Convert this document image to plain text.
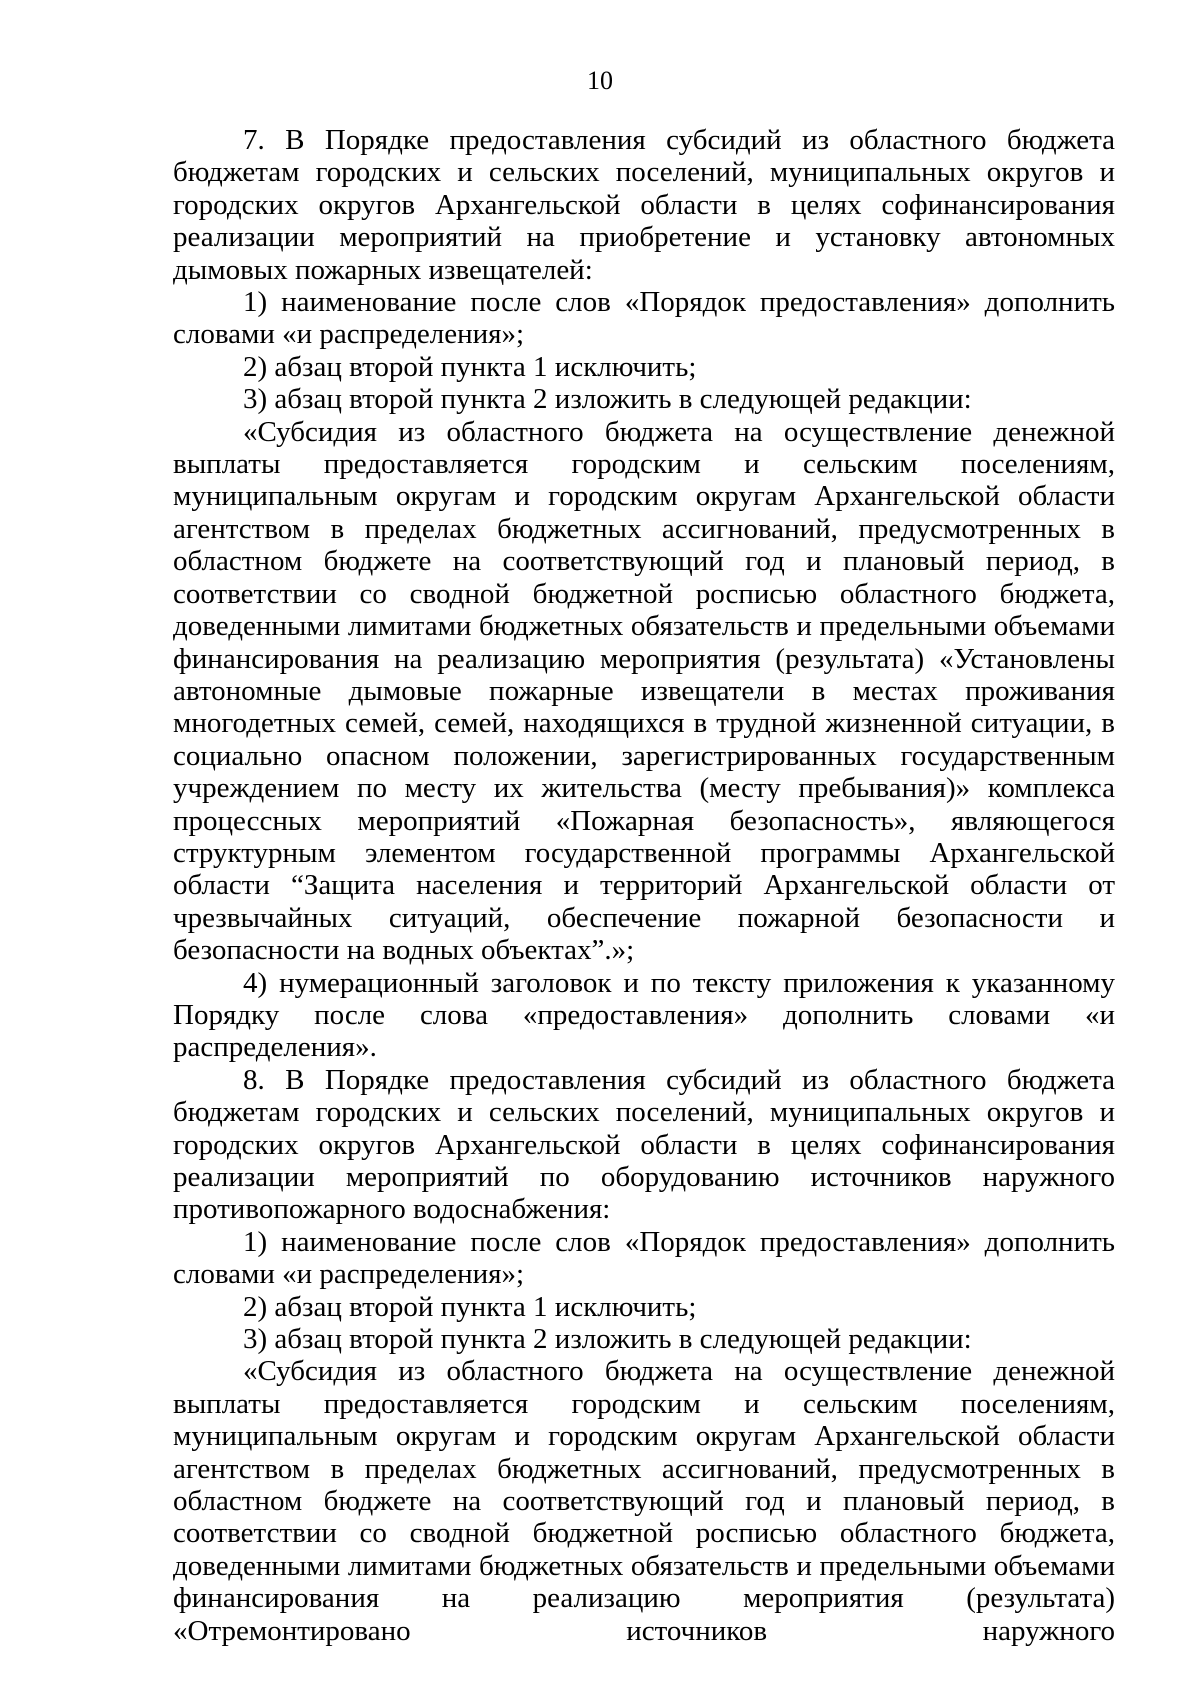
10

7. В Порядке предоставления субсидий из областного бюджета бюджетам городских и сельских поселений, муниципальных округов и городских округов Архангельской области в целях софинансирования реализации мероприятий на приобретение и установку автономных дымовых пожарных извещателей:

1) наименование после слов «Порядок предоставления» дополнить словами «и распределения»;

2) абзац второй пункта 1 исключить;

3) абзац второй пункта 2 изложить в следующей редакции:

«Субсидия из областного бюджета на осуществление денежной выплаты предоставляется городским и сельским поселениям, муниципальным округам и городским округам Архангельской области агентством в пределах бюджетных ассигнований, предусмотренных в областном бюджете на соответствующий год и плановый период, в соответствии со сводной бюджетной росписью областного бюджета, доведенными лимитами бюджетных обязательств и предельными объемами финансирования на реализацию мероприятия (результата) «Установлены автономные дымовые пожарные извещатели в местах проживания многодетных семей, семей, находящихся в трудной жизненной ситуации, в социально опасном положении, зарегистрированных государственным учреждением по месту их жительства (месту пребывания)» комплекса процессных мероприятий «Пожарная безопасность», являющегося структурным элементом государственной программы Архангельской области “Защита населения и территорий Архангельской области от чрезвычайных ситуаций, обеспечение пожарной безопасности и безопасности на водных объектах”.»;

4) нумерационный заголовок и по тексту приложения к указанному Порядку после слова «предоставления» дополнить словами «и распределения».

8. В Порядке предоставления субсидий из областного бюджета бюджетам городских и сельских поселений, муниципальных округов и городских округов Архангельской области в целях софинансирования реализации мероприятий по оборудованию источников наружного противопожарного водоснабжения:

1) наименование после слов «Порядок предоставления» дополнить словами «и распределения»;

2) абзац второй пункта 1 исключить;

3) абзац второй пункта 2 изложить в следующей редакции:

«Субсидия из областного бюджета на осуществление денежной выплаты предоставляется городским и сельским поселениям, муниципальным округам и городским округам Архангельской области агентством в пределах бюджетных ассигнований, предусмотренных в областном бюджете на соответствующий год и плановый период, в соответствии со сводной бюджетной росписью областного бюджета, доведенными лимитами бюджетных обязательств и предельными объемами финансирования на реализацию мероприятия (результата) «Отремонтировано источников наружного
